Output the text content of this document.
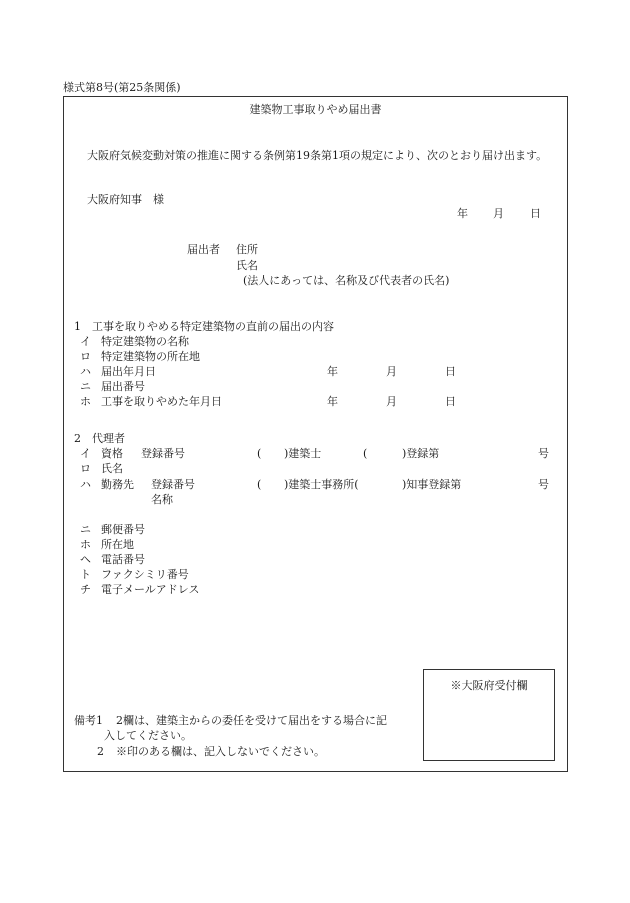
様式第8号(第25条関係)
建築物工事取りやめ届出書
大阪府気候変動対策の推進に関する条例第19条第1項の規定により、次のとおり届け出ます。
大阪府知事　様
年 月 日
届出者 住所
氏名
(法人にあっては、名称及び代表者の氏名)
1　工事を取りやめる特定建築物の直前の届出の内容
イ 特定建築物の名称
ロ 特定建築物の所在地
ハ 届出年月日	年	月	日
ニ 届出番号
ホ 工事を取りやめた年月日	年	月	日
2　代理者
イ 資格 登録番号	( )建築士	(	)登録第	号
ロ 氏名
ハ 勤務先 登録番号	( )建築士事務所(	)知事登録第	号
名称
ニ 郵便番号
ホ 所在地
ヘ 電話番号
ト ファクシミリ番号
チ 電子メールアドレス
備考1 2欄は、建築主からの委任を受けて届出をする場合に記
入してください。
2 ※印のある欄は、記入しないでください。
※大阪府受付欄
